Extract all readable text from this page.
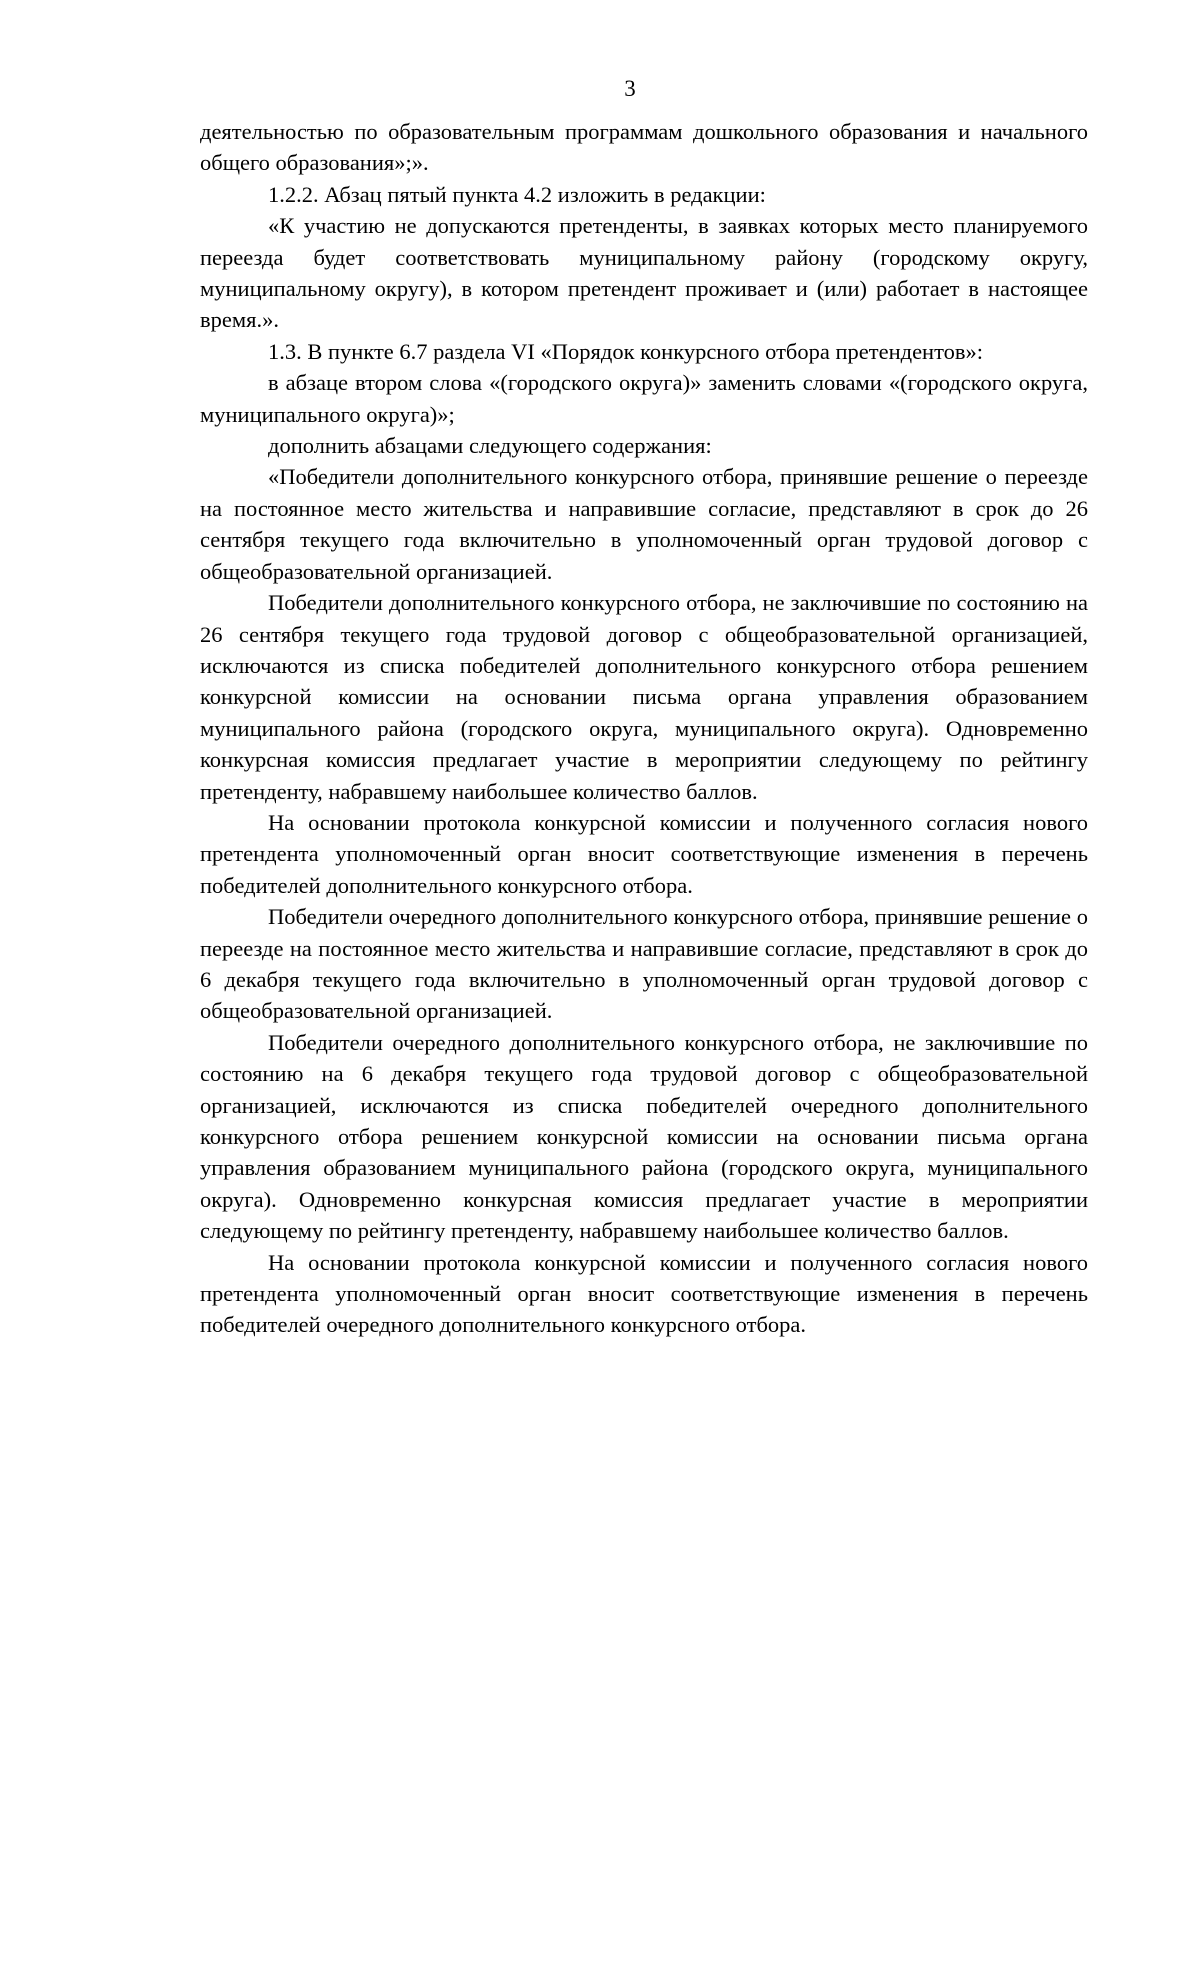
3

деятельностью по образовательным программам дошкольного образования и начального общего образования»;».

1.2.2. Абзац пятый пункта 4.2 изложить в редакции:

«К участию не допускаются претенденты, в заявках которых место планируемого переезда будет соответствовать муниципальному району (городскому округу, муниципальному округу), в котором претендент проживает и (или) работает в настоящее время.».

1.3. В пункте 6.7 раздела VI «Порядок конкурсного отбора претендентов»:

в абзаце втором слова «(городского округа)» заменить словами «(городского округа, муниципального округа)»;

дополнить абзацами следующего содержания:

«Победители дополнительного конкурсного отбора, принявшие решение о переезде на постоянное место жительства и направившие согласие, представляют в срок до 26 сентября текущего года включительно в уполномоченный орган трудовой договор с общеобразовательной организацией.

Победители дополнительного конкурсного отбора, не заключившие по состоянию на 26 сентября текущего года трудовой договор с общеобразовательной организацией, исключаются из списка победителей дополнительного конкурсного отбора решением конкурсной комиссии на основании письма органа управления образованием муниципального района (городского округа, муниципального округа). Одновременно конкурсная комиссия предлагает участие в мероприятии следующему по рейтингу претенденту, набравшему наибольшее количество баллов.

На основании протокола конкурсной комиссии и полученного согласия нового претендента уполномоченный орган вносит соответствующие изменения в перечень победителей дополнительного конкурсного отбора.

Победители очередного дополнительного конкурсного отбора, принявшие решение о переезде на постоянное место жительства и направившие согласие, представляют в срок до 6 декабря текущего года включительно в уполномоченный орган трудовой договор с общеобразовательной организацией.

Победители очередного дополнительного конкурсного отбора, не заключившие по состоянию на 6 декабря текущего года трудовой договор с общеобразовательной организацией, исключаются из списка победителей очередного дополнительного конкурсного отбора решением конкурсной комиссии на основании письма органа управления образованием муниципального района (городского округа, муниципального округа). Одновременно конкурсная комиссия предлагает участие в мероприятии следующему по рейтингу претенденту, набравшему наибольшее количество баллов.

На основании протокола конкурсной комиссии и полученного согласия нового претендента уполномоченный орган вносит соответствующие изменения в перечень победителей очередного дополнительного конкурсного отбора.
